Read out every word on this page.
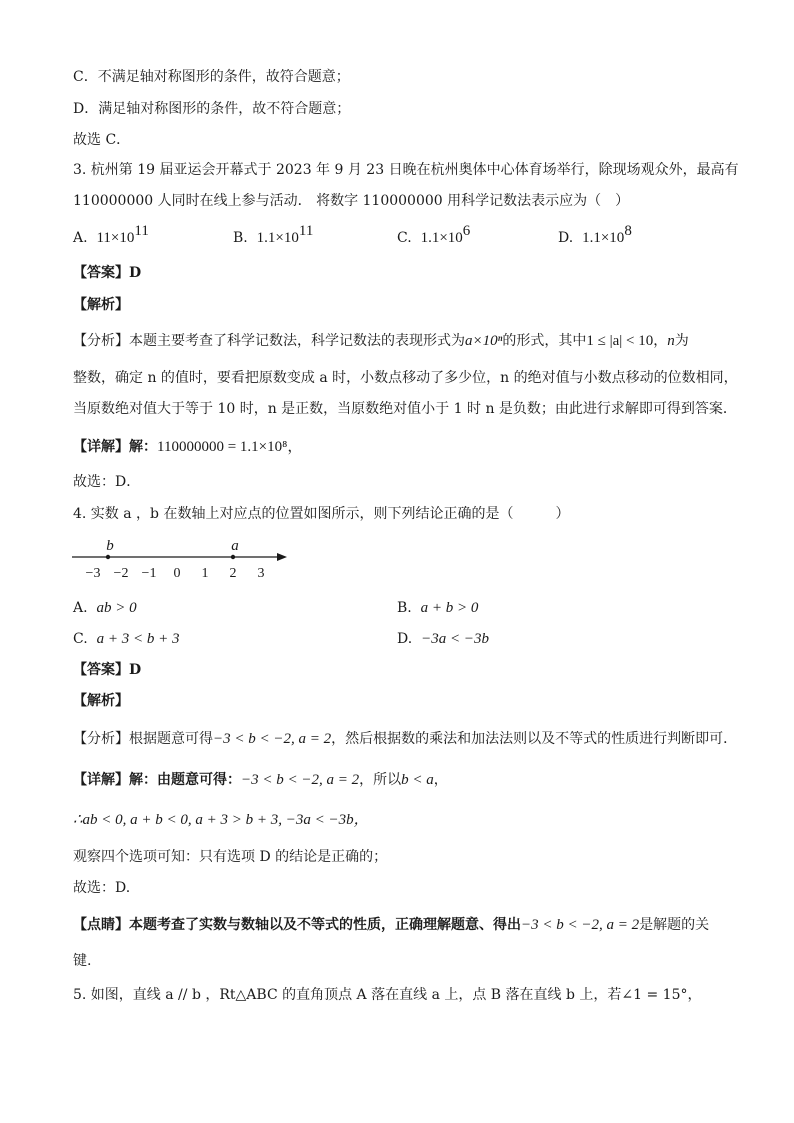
C．不满足轴对称图形的条件，故符合题意；
D．满足轴对称图形的条件，故不符合题意；
故选 C．
3. 杭州第 19 届亚运会开幕式于 2023 年 9 月 23 日晚在杭州奥体中心体育场举行，除现场观众外，最高有
110000000 人同时在线上参与活动． 将数字 110000000 用科学记数法表示应为（　）
A. $11\times 10^{11}$	B. $1.1\times 10^{11}$	C. $1.1\times 10^6$	D. $1.1\times 10^8$
【答案】D
【解析】
【分析】本题主要考查了科学记数法，科学记数法的表现形式为a×10ⁿ的形式，其中1 ≤ |a| < 10，n为
整数，确定 n 的值时，要看把原数变成 a 时，小数点移动了多少位，n 的绝对值与小数点移动的位数相同，
当原数绝对值大于等于 10 时，n 是正数，当原数绝对值小于 1 时 n 是负数；由此进行求解即可得到答案．
【详解】解：110000000 = 1.1×10⁸，
故选：D．
4. 实数 a ，b 在数轴上对应点的位置如图所示，则下列结论正确的是（　　　）
−3 −2 −1 0 1 2 3
b	a
A. ab > 0	B. a + b > 0
C. a + 3 < b + 3	D. −3a < −3b
【答案】D
【解析】
【分析】根据题意可得−3 < b < −2, a = 2，然后根据数的乘法和加法法则以及不等式的性质进行判断即可．
【详解】解：由题意可得：−3 < b < −2, a = 2，所以b < a，
∴ab < 0, a + b < 0, a + 3 > b + 3, −3a < −3b，
观察四个选项可知：只有选项 D 的结论是正确的；
故选：D.
【点睛】本题考查了实数与数轴以及不等式的性质，正确理解题意、得出−3 < b < −2, a = 2是解题的关
键.
5. 如图，直线 a // b ，Rt△ABC 的直角顶点 A 落在直线 a 上，点 B 落在直线 b 上，若∠1 = 15°，
